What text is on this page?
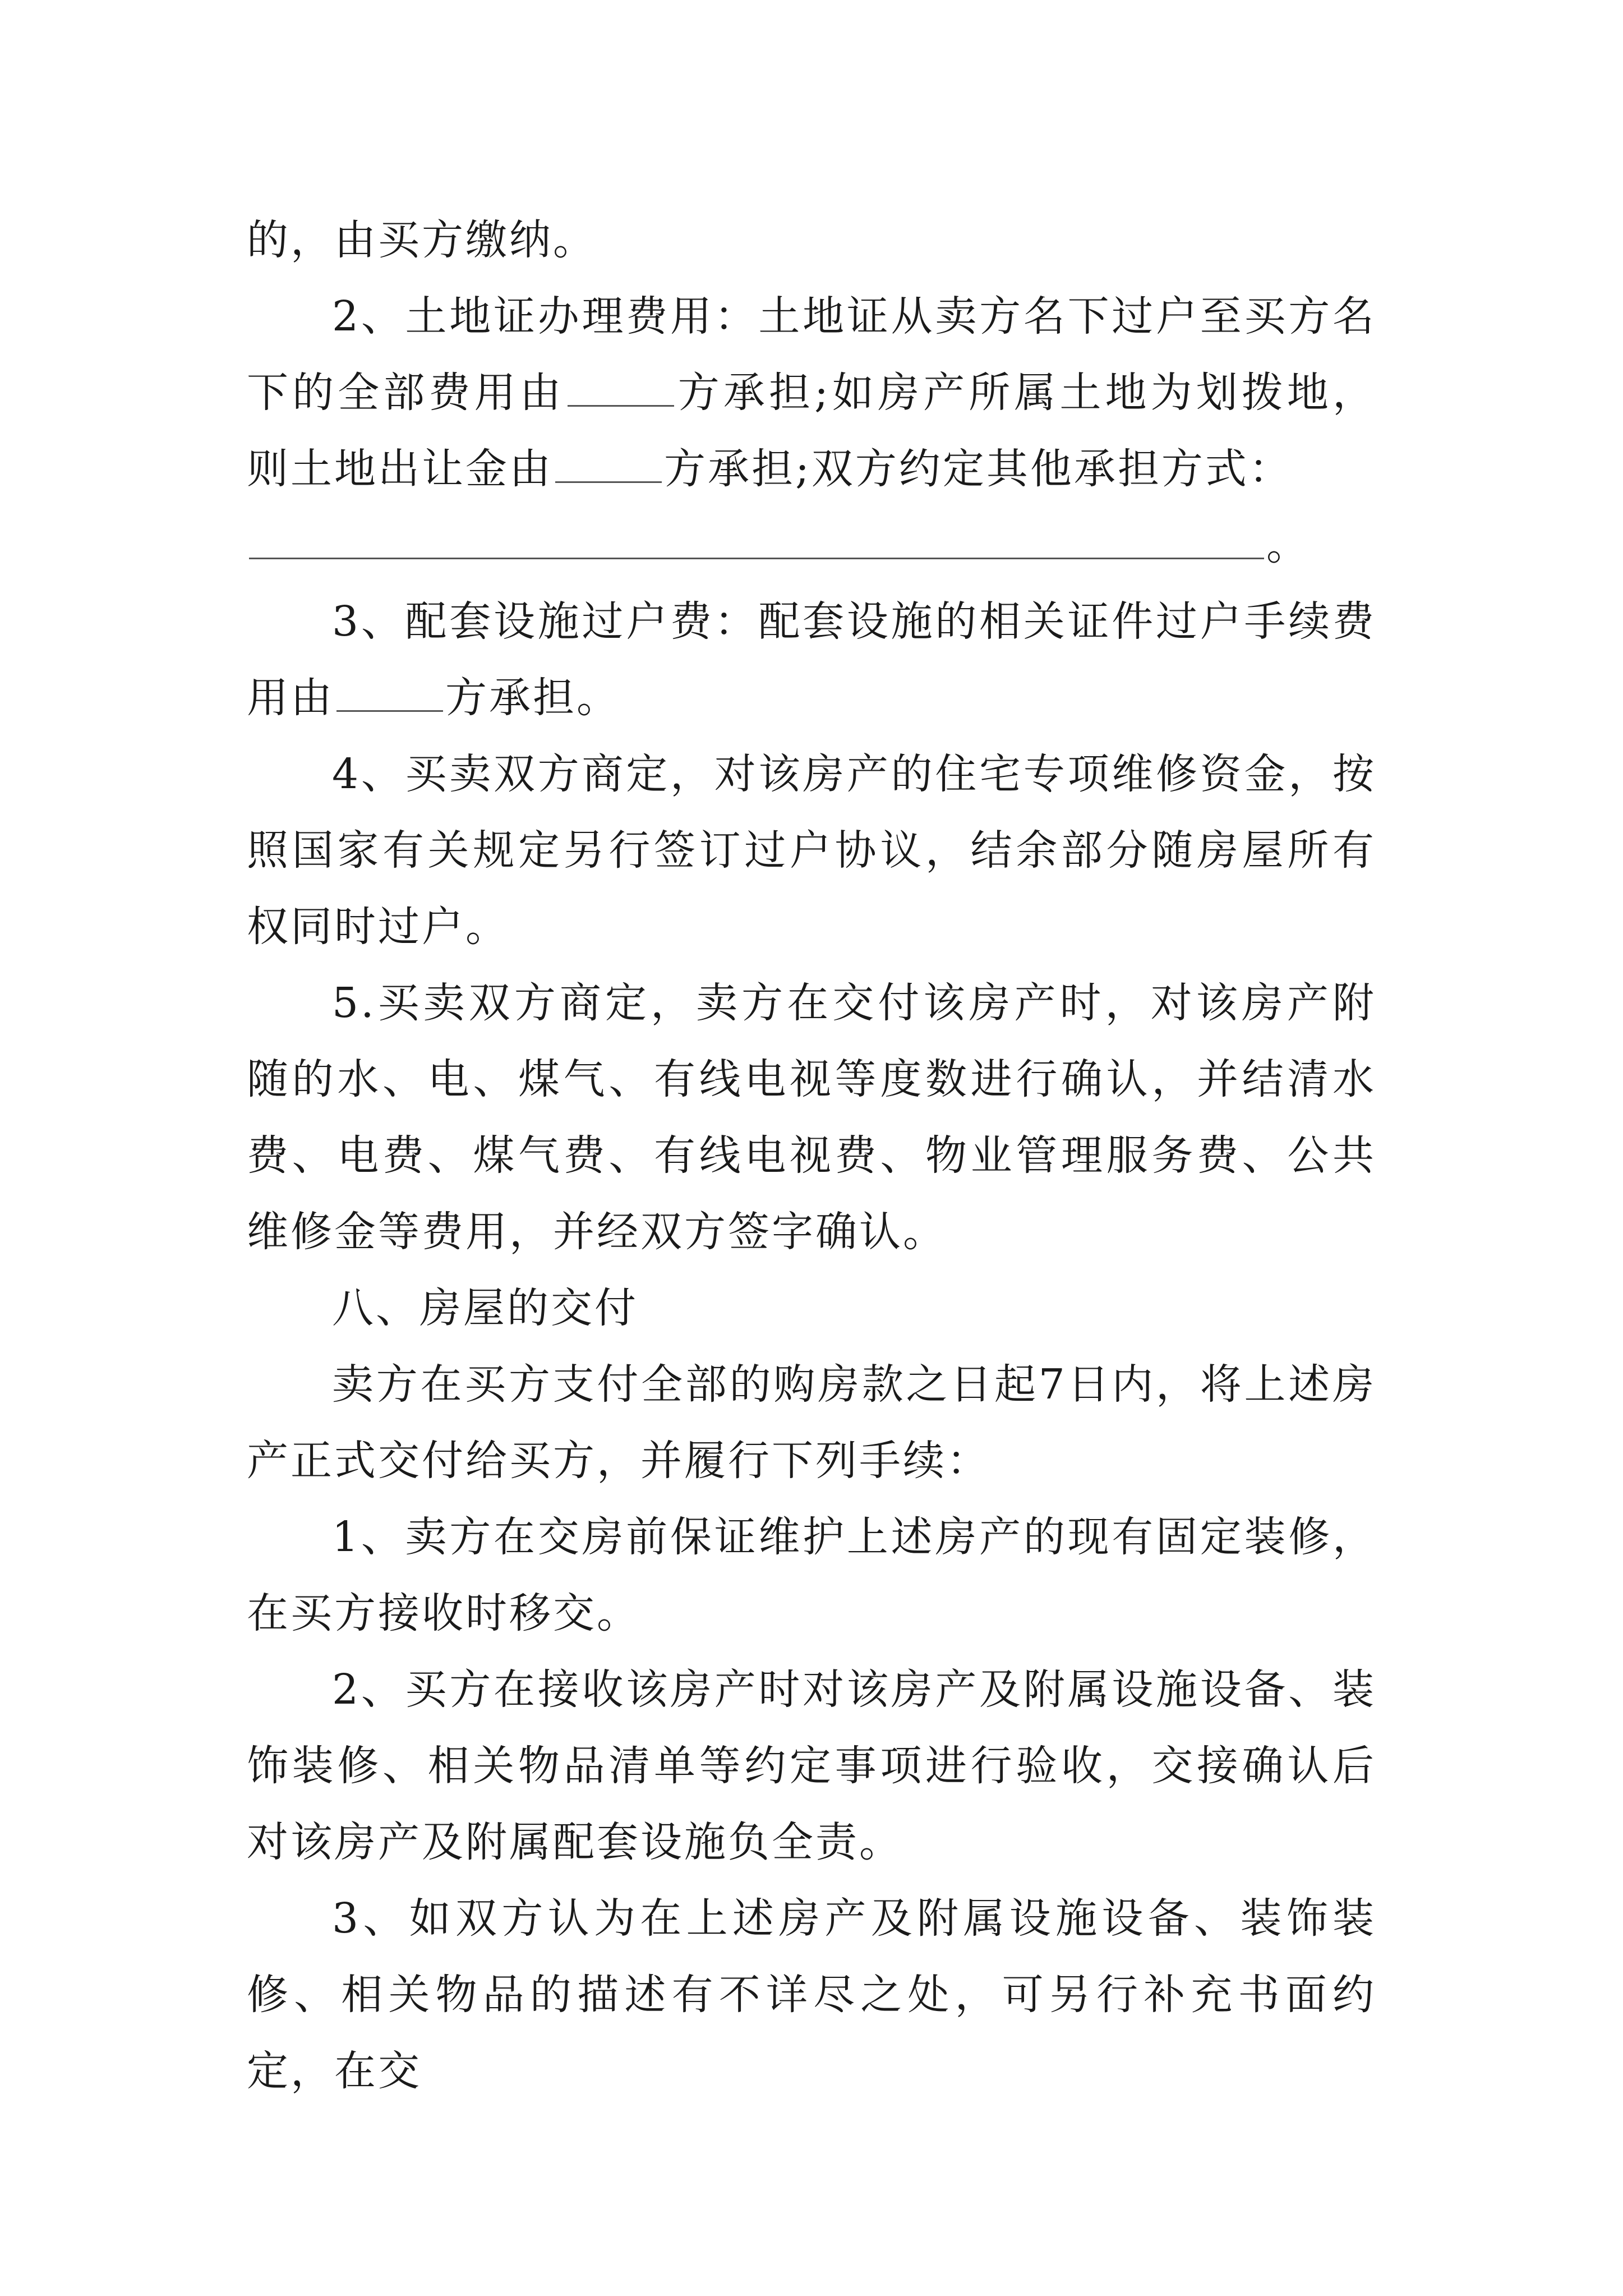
的，由买方缴纳。

2、土地证办理费用：土地证从卖方名下过户至买方名下的全部费用由	方承担;如房产所属土地为划拨地，则土地出让金由	方承担;双方约定其他承担方式：

。

3、配套设施过户费：配套设施的相关证件过户手续费用由	方承担。

4、买卖双方商定，对该房产的住宅专项维修资金，按照国家有关规定另行签订过户协议，结余部分随房屋所有权同时过户。

5.买卖双方商定，卖方在交付该房产时，对该房产附随的水、电、煤气、有线电视等度数进行确认，并结清水费、电费、煤气费、有线电视费、物业管理服务费、公共维修金等费用，并经双方签字确认。

八、房屋的交付

卖方在买方支付全部的购房款之日起7日内，将上述房产正式交付给买方，并履行下列手续：

1、卖方在交房前保证维护上述房产的现有固定装修，在买方接收时移交。

2、买方在接收该房产时对该房产及附属设施设备、装饰装修、相关物品清单等约定事项进行验收，交接确认后对该房产及附属配套设施负全责。

3、如双方认为在上述房产及附属设施设备、装饰装修、相关物品的描述有不详尽之处，可另行补充书面约定，在交
